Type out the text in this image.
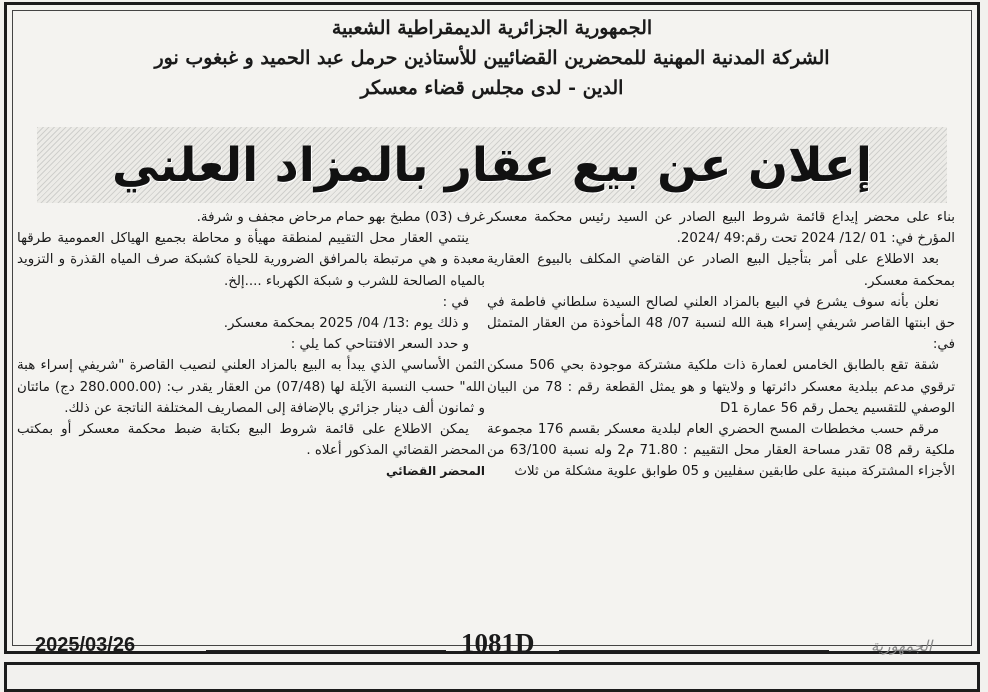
الجمهورية الجزائرية الديمقراطية الشعبية
الشركة المدنية المهنية للمحضرين القضائيين للأستاذين حرمل عبد الحميد و غبغوب نور
الدين - لدى مجلس قضاء معسكر
إعلان عن بيع عقار بالمزاد العلني

بناء على محضر إيداع قائمة شروط البيع الصادر عن السيد رئيس محكمة معسكر المؤرخ في: 01 /12/ 2024 تحت رقم:49 /2024.

بعد الاطلاع على أمر بتأجيل البيع الصادر عن القاضي المكلف بالبيوع العقارية بمحكمة معسكر.

نعلن بأنه سوف يشرع في البيع بالمزاد العلني لصالح السيدة سلطاني فاطمة في حق ابنتها القاصر شريفي إسراء هبة الله لنسبة 07/ 48 المأخوذة من العقار المتمثل في:

شقة تقع بالطابق الخامس لعمارة ذات ملكية مشتركة موجودة بحي 506 مسكن ترقوي مدعم ببلدية معسكر دائرتها و ولايتها و هو يمثل القطعة رقم : 78 من البيان الوصفي للتقسيم يحمل رقم 56 عمارة D1

مرقم حسب مخططات المسح الحضري العام لبلدية معسكر بقسم 176 مجموعة ملكية رقم 08 تقدر مساحة العقار محل التقييم : 71.80 م2 وله نسبة 63/100 من الأجزاء المشتركة مبنية على طابقين سفليين و 05 طوابق علوية مشكلة من ثلاث

غرف (03) مطبخ بهو حمام مرحاض مجفف و شرفة.

ينتمي العقار محل التقييم لمنطقة مهيأة و محاطة بجميع الهياكل العمومية طرقها معبدة و هي مرتبطة بالمرافق الضرورية للحياة كشبكة صرف المياه القذرة و التزويد بالمياه الصالحة للشرب و شبكة الكهرباء ....إلخ.

في :

و ذلك يوم :13/ 04/ 2025 بمحكمة معسكر.

و حدد السعر الافتتاحي كما يلي :

الثمن الأساسي الذي يبدأ به البيع بالمزاد العلني لنصيب القاصرة "شريفي إسراء هبة الله" حسب النسبة الآيلة لها (07/48) من العقار يقدر ب: (280.000.00 دج) مائتان و ثمانون ألف دينار جزائري بالإضافة إلى المصاريف المختلفة الناتجة عن ذلك.

يمكن الاطلاع على قائمة شروط البيع بكتابة ضبط محكمة معسكر أو بمكتب المحضر القضائي المذكور أعلاه .

المحضر القضائي
2025/03/26	1081D	الجمهورية
